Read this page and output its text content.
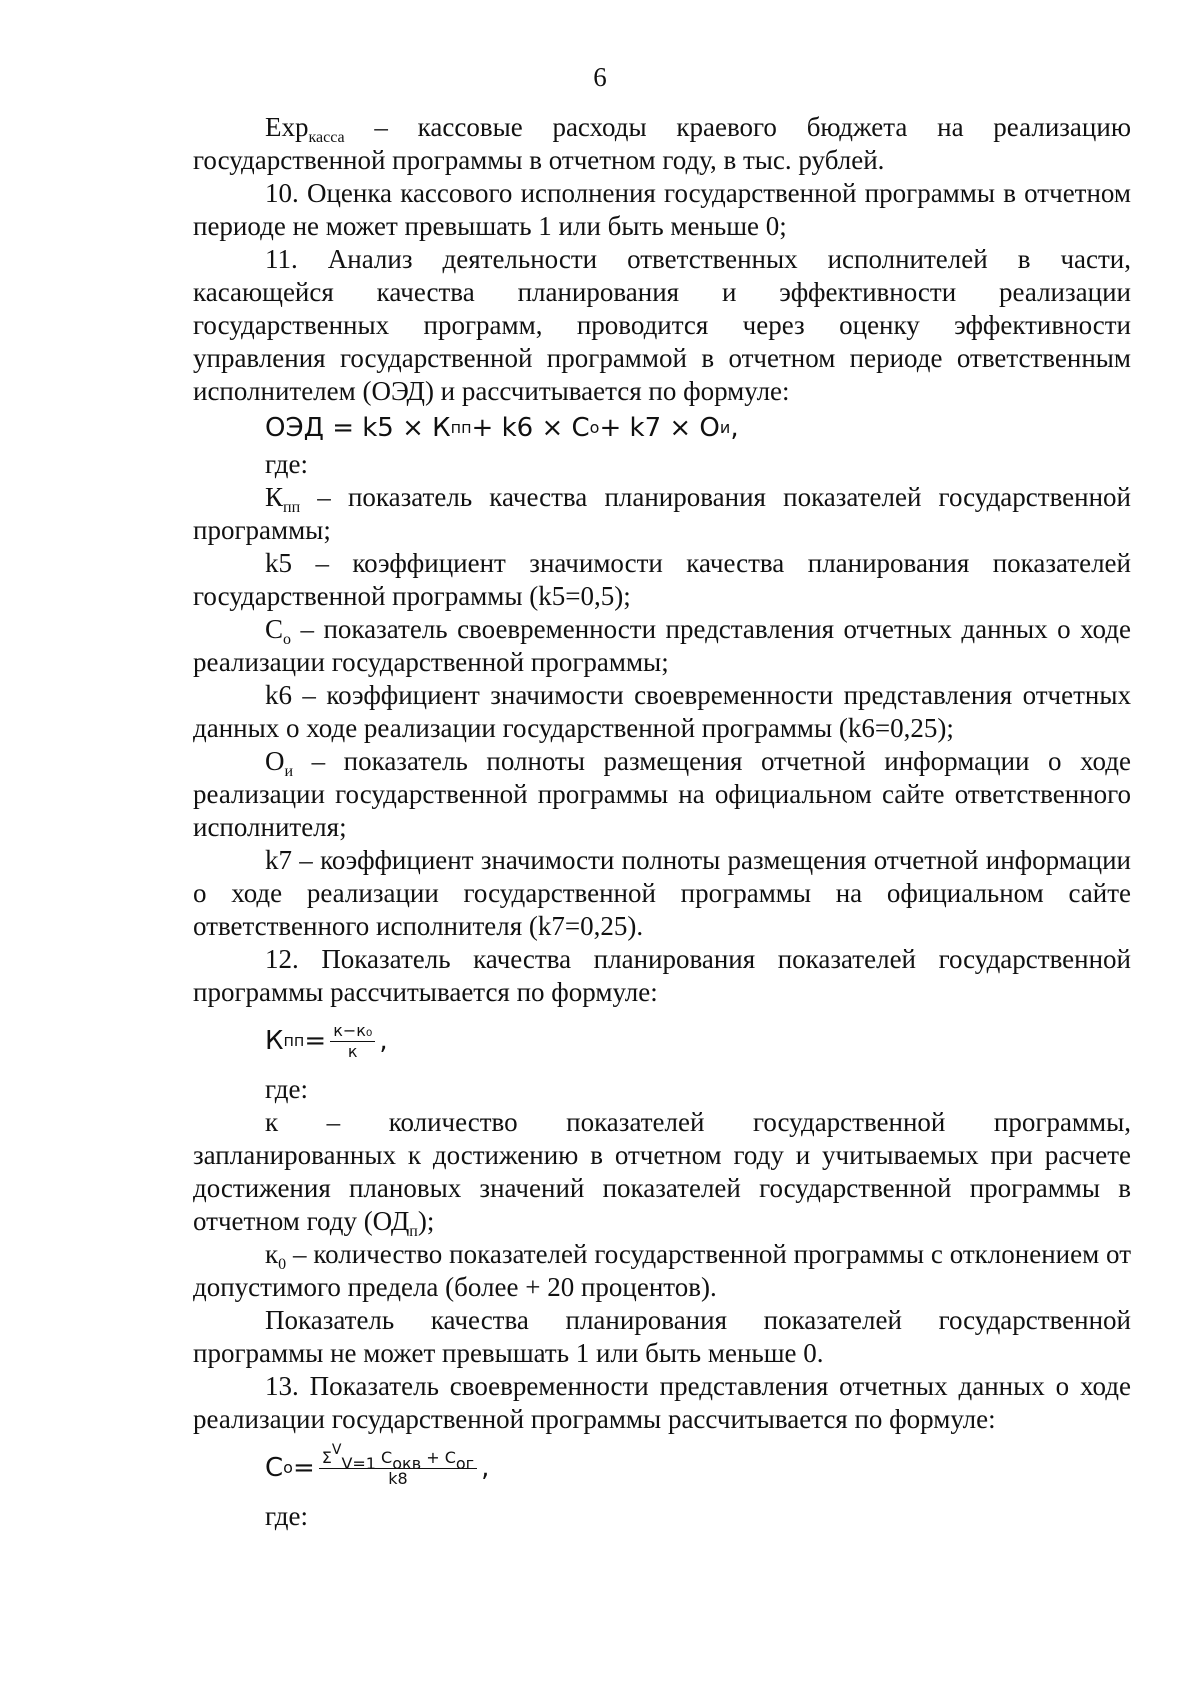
6

Exp$_{касса}$ – кассовые расходы краевого бюджета на реализацию государственной программы в отчетном году, в тыс. рублей.

10. Оценка кассового исполнения государственной программы в отчетном периоде не может превышать 1 или быть меньше 0;

11. Анализ деятельности ответственных исполнителей в части, касающейся качества планирования и эффективности реализации государственных программ, проводится через оценку эффективности управления государственной программой в отчетном периоде ответственным исполнителем (ОЭД) и рассчитывается по формуле:

ОЭД = k5 × К пп + k6 × С о + k7 × О и ,

где:

$К_{пп}$ – показатель качества планирования показателей государственной программы;

k5 – коэффициент значимости качества планирования показателей государственной программы (k5=0,5);

$С_о$ – показатель своевременности представления отчетных данных о ходе реализации государственной программы;

k6 – коэффициент значимости своевременности представления отчетных данных о ходе реализации государственной программы (k6=0,25);

$О_и$ – показатель полноты размещения отчетной информации о ходе реализации государственной программы на официальном сайте ответственного исполнителя;

k7 – коэффициент значимости полноты размещения отчетной информации о ходе реализации государственной программы на официальном сайте ответственного исполнителя (k7=0,25).

12. Показатель качества планирования показателей государственной программы рассчитывается по формуле:

К пп = $\frac{\text{к−к₀}}{к}$ ,

где:

к – количество показателей государственной программы, запланированных к достижению в отчетном году и учитываемых при расчете достижения плановых значений показателей государственной программы в отчетном году $(ОД_п)$;

$к_0$ – количество показателей государственной программы с отклонением от допустимого предела (более + 20 процентов).

Показатель качества планирования показателей государственной программы не может превышать 1 или быть меньше 0.

13. Показатель своевременности представления отчетных данных о ходе реализации государственной программы рассчитывается по формуле:

С $о = \frac{\text{ΣVV=1 Сокв + Сог}}{k8}$ ,

где:
